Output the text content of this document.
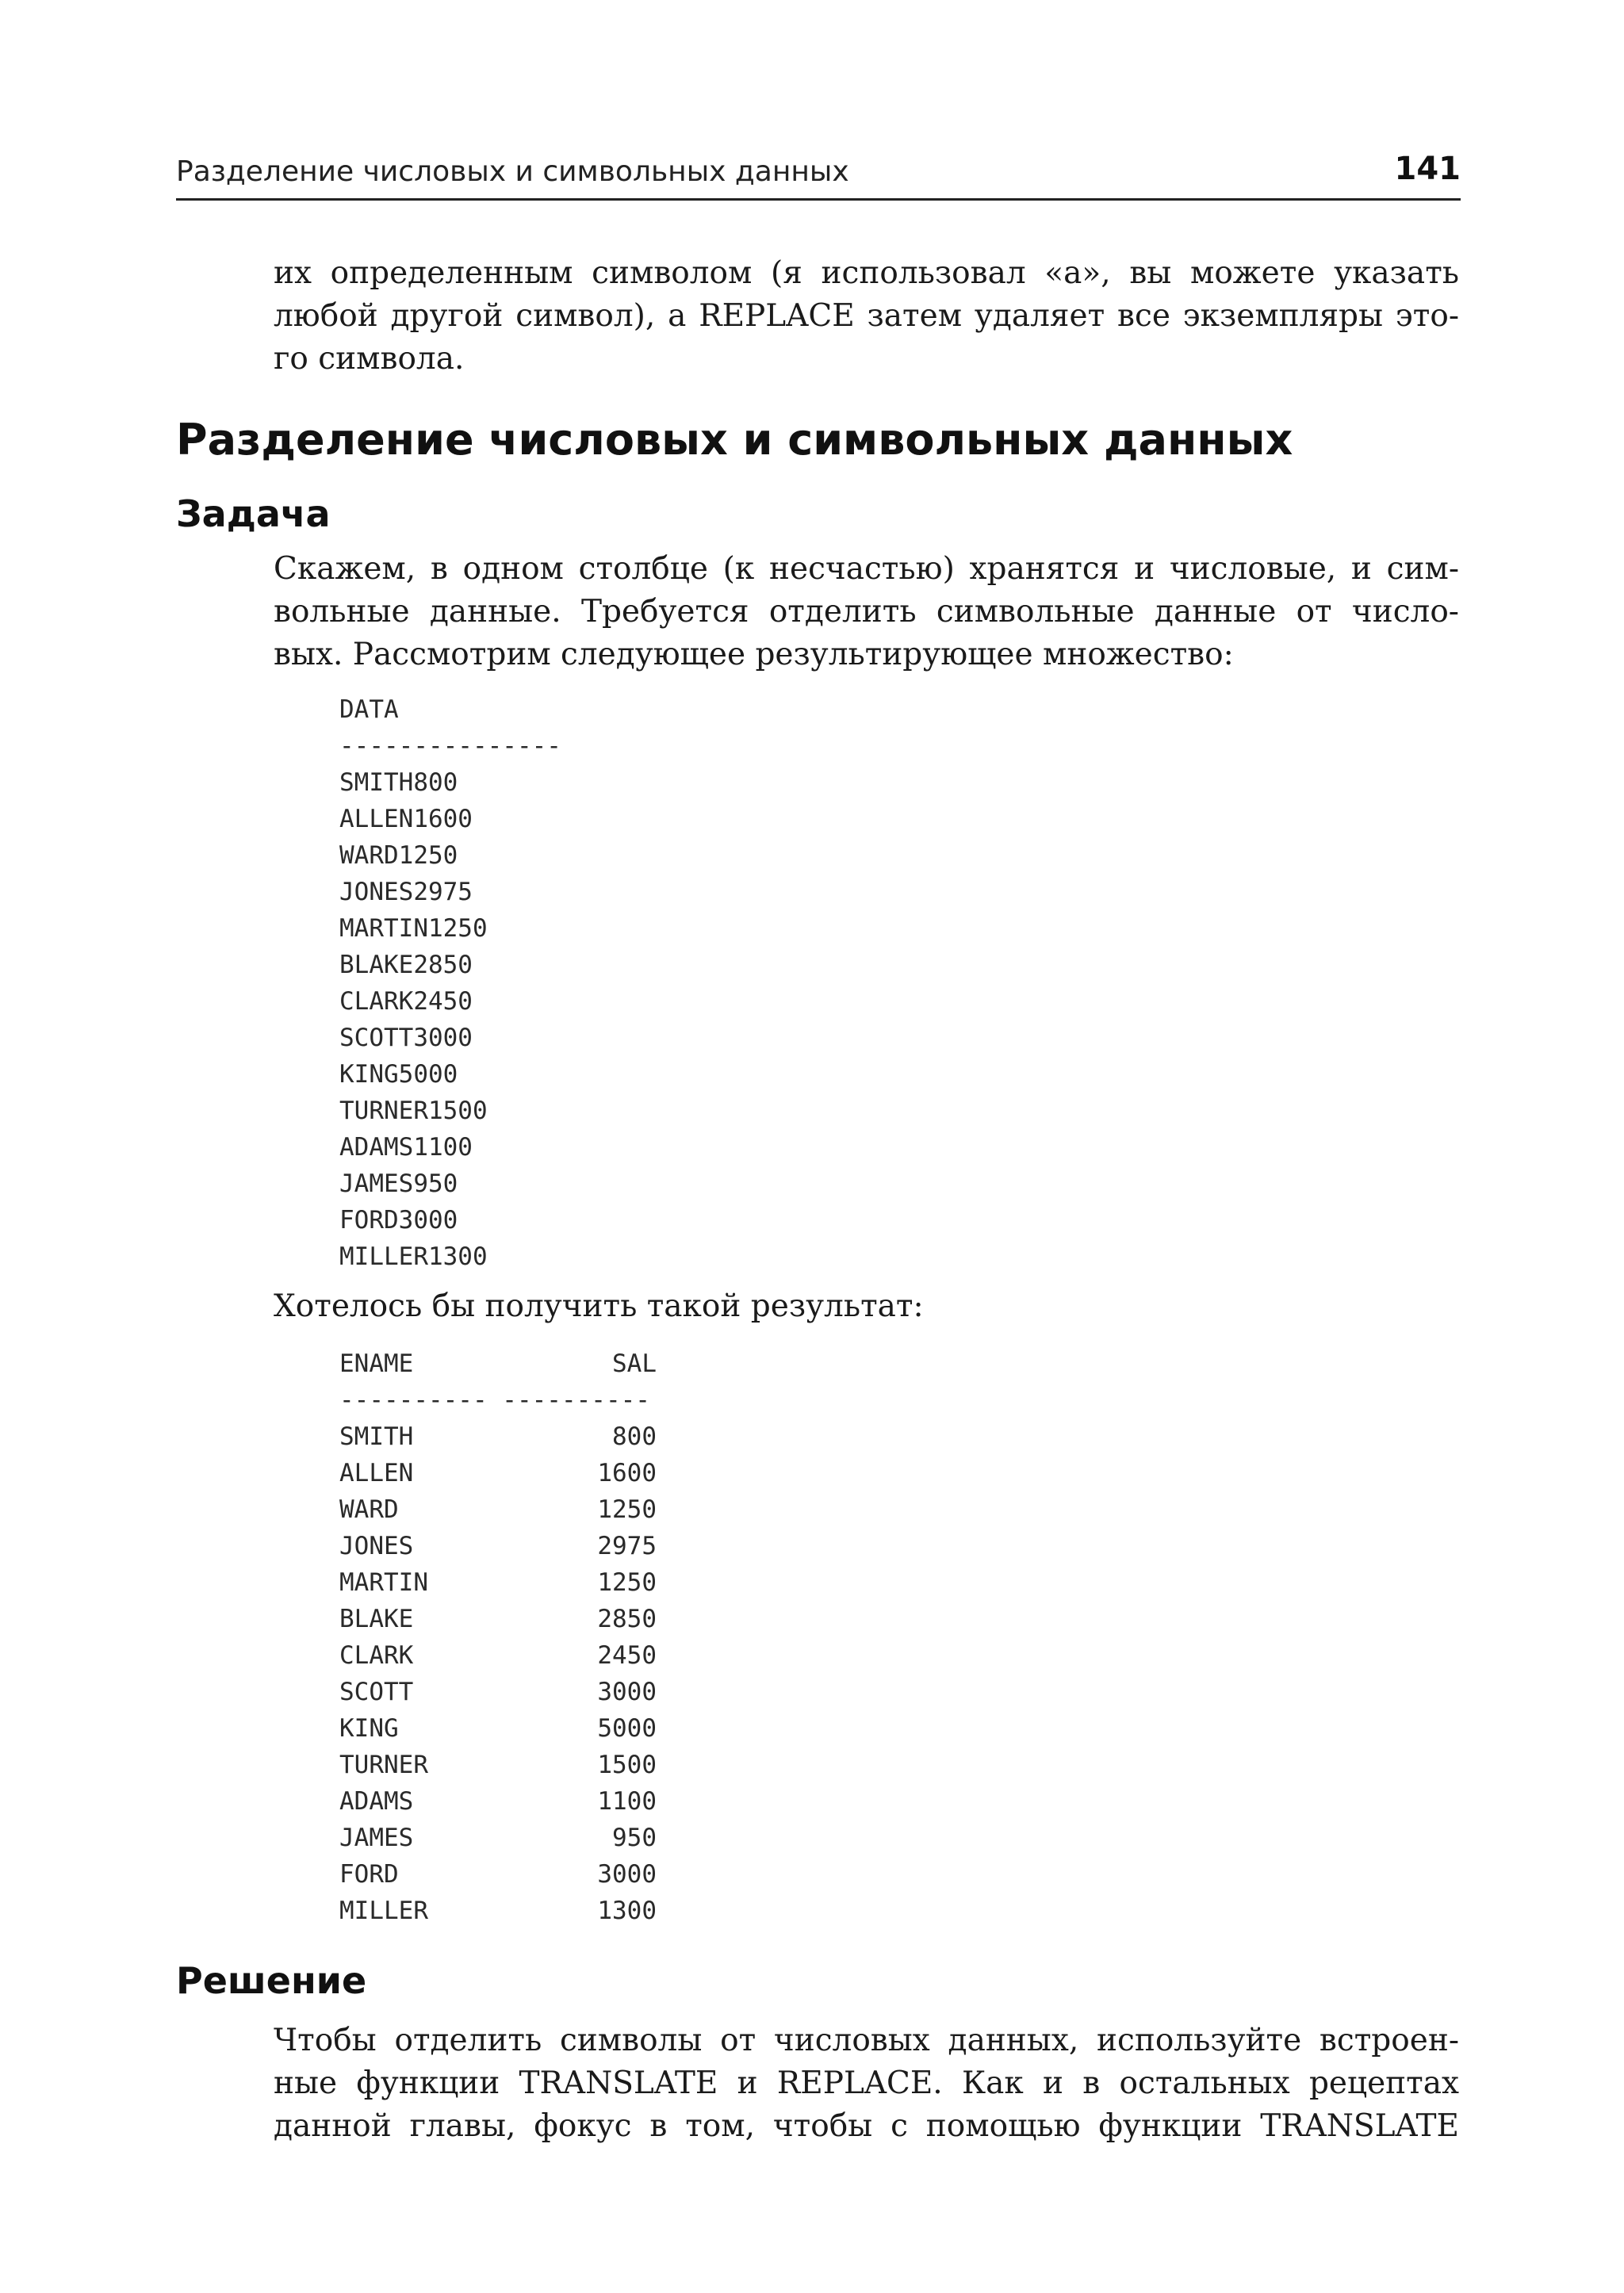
Разделение числовых и символьных данных	141
их определенным символом (я использовал «a», вы можете указать
любой другой символ), а REPLACE затем удаляет все экземпляры это-
го символа.
Разделение числовых и символьных данных
Задача
Скажем, в одном столбце (к несчастью) хранятся и числовые, и сим-
вольные данные. Требуется отделить символьные данные от число-
вых. Рассмотрим следующее результирующее множество:
DATA
---------------
SMITH800
ALLEN1600
WARD1250
JONES2975
MARTIN1250
BLAKE2850
CLARK2450
SCOTT3000
KING5000
TURNER1500
ADAMS1100
JAMES950
FORD3000
MILLER1300
Хотелось бы получить такой результат:
ENAME	SAL
---------- ----------
SMITH	800
ALLEN	1600
WARD	1250
JONES	2975
MARTIN	1250
BLAKE	2850
CLARK	2450
SCOTT	3000
KING	5000
TURNER	1500
ADAMS	1100
JAMES	950
FORD	3000
MILLER	1300
Решение
Чтобы отделить символы от числовых данных, используйте встроен-
ные функции TRANSLATE и REPLACE. Как и в остальных рецептах
данной главы, фокус в том, чтобы с помощью функции TRANSLATE
